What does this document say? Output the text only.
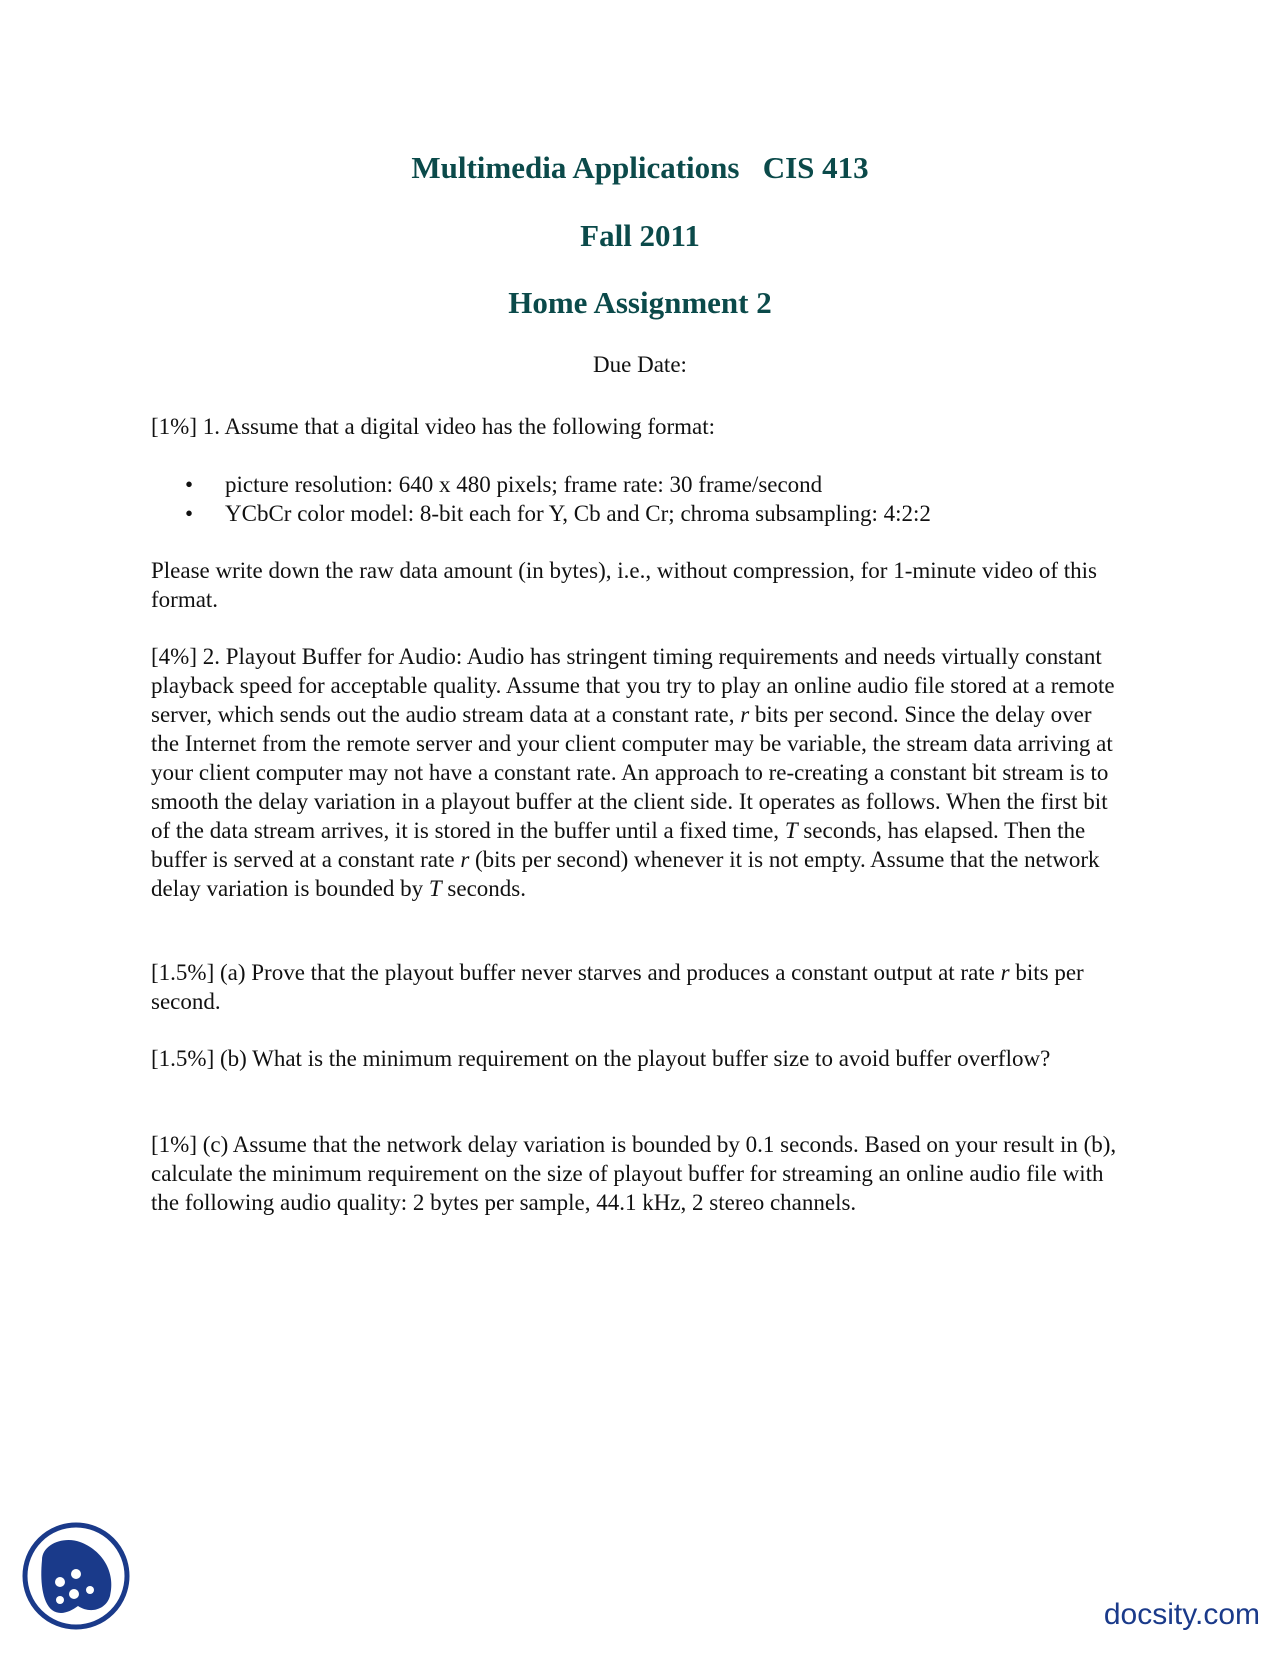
Multimedia Applications   CIS 413
Fall 2011
Home Assignment 2
Due Date:
[1%] 1. Assume that a digital video has the following format:
• picture resolution: 640 x 480 pixels; frame rate: 30 frame/second
• YCbCr color model: 8-bit each for Y, Cb and Cr; chroma subsampling: 4:2:2
Please write down the raw data amount (in bytes), i.e., without compression, for 1-minute video of this format.
[4%] 2. Playout Buffer for Audio: Audio has stringent timing requirements and needs virtually constant playback speed for acceptable quality. Assume that you try to play an online audio file stored at a remote server, which sends out the audio stream data at a constant rate, r bits per second. Since the delay over the Internet from the remote server and your client computer may be variable, the stream data arriving at your client computer may not have a constant rate. An approach to re-creating a constant bit stream is to smooth the delay variation in a playout buffer at the client side. It operates as follows. When the first bit of the data stream arrives, it is stored in the buffer until a fixed time, T seconds, has elapsed. Then the buffer is served at a constant rate r (bits per second) whenever it is not empty. Assume that the network delay variation is bounded by T seconds.
[1.5%] (a) Prove that the playout buffer never starves and produces a constant output at rate r bits per second.
[1.5%] (b) What is the minimum requirement on the playout buffer size to avoid buffer overflow?
[1%] (c) Assume that the network delay variation is bounded by 0.1 seconds. Based on your result in (b), calculate the minimum requirement on the size of playout buffer for streaming an online audio file with the following audio quality: 2 bytes per sample, 44.1 kHz, 2 stereo channels.
docsity.com
